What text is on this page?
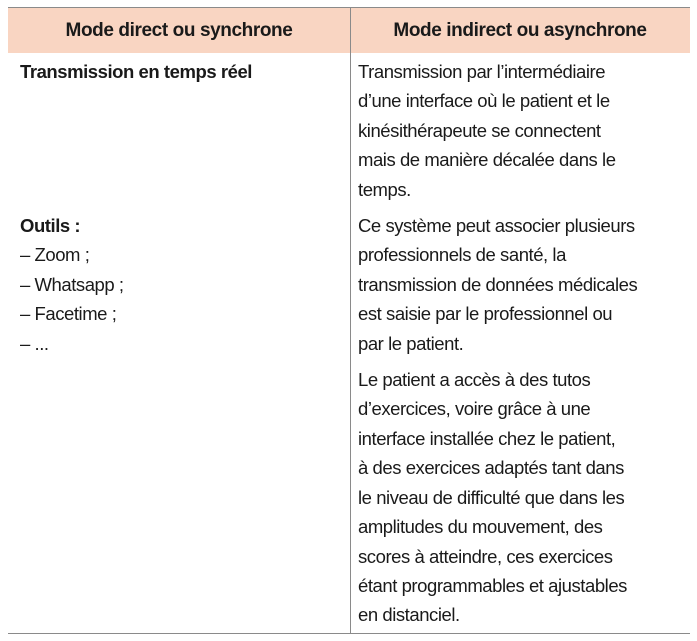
Mode direct ou synchrone	Mode indirect ou asynchrone
Transmission en temps réel

Outils :
– Zoom ;
– Whatsapp ;
– Facetime ;
– ...
Transmission par l’intermédiaire
d’une interface où le patient et le
kinésithérapeute se connectent
mais de manière décalée dans le
temps.
Ce système peut associer plusieurs
professionnels de santé, la
transmission de données médicales
est saisie par le professionnel ou
par le patient.
Le patient a accès à des tutos
d’exercices, voire grâce à une
interface installée chez le patient,
à des exercices adaptés tant dans
le niveau de difficulté que dans les
amplitudes du mouvement, des
scores à atteindre, ces exercices
étant programmables et ajustables
en distanciel.
